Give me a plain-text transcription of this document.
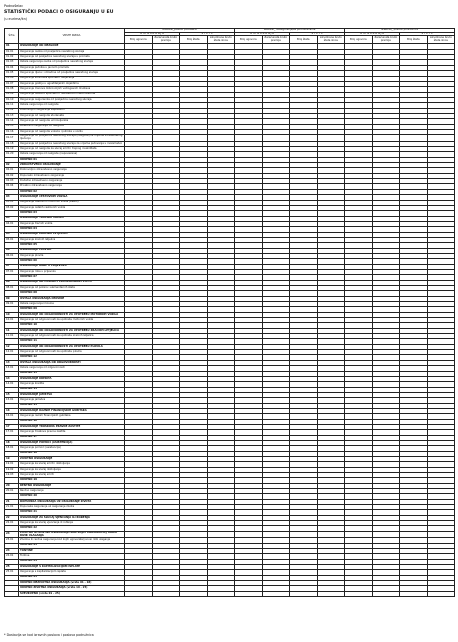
Podnošelac
STATISTIČKI PODACI O OSIGURANJU U EU
(u eurima/kn)
Šifra	VRSTE RIZIKA	IZRAVNI_poslovi poduzeća				IZRAVNI_ reosiguranje/sa podružnicama				IZRAVNI_ poslovi podružnica			
		O S I G U R A N J A		Š T E T E		O S I G U R A N J A		Š T E T E		O S I G U R A N J A		Š T E T E	
		Broj ugovora	Zaračunata bruto premija	Broj šteta	Likvidirane bruto šteta iznos	Broj ugovora	Zaračunata bruto premija	Broj šteta	Likvidirane bruto šteta iznos	Broj ugovora	Zaračunata bruto premija	Broj šteta	Likvidirane bruto šteta iznos
01	OSIGURANJE OD NEZGODE												
01.01	Osiguranje osoba od posljedica nesretnog slučaja												
01.02	Osiguranje od posljedica nesretnog slučaja u prometu												
01.03	Ostala osiguranja osoba od posljedica nesretnog slučaja												
01.04	Osiguranje putnika u javnom prometu												
01.05	Osiguranje djece i omladine od posljedica nesretnog slučaja												
01.06	Osiguranje sudionika sportskih natjecanja												
01.07	Osiguranje gostiju u ugostiteljskim objektima												
01.08	Osiguranje članova dobrovoljnih vatrogasnih društava												
01.09	Osiguranje osoba u športskim i rekreativnim aktivnostima												
01.10	Osiguranje osiguranika od posljedica nesretnog slučaja												
01.11	Ostala osiguranja od nezgode												
01.12	Dobrovoljno osiguranje zaposlenih												
01.13	Osiguranje od nezgode studenata												
01.14	Osiguranje od nezgode umirovljenika												
01.15	Kolektivno osiguranje od nezgode												
01.16	Osiguranje od nezgode vozača i putnika u vozilu												
01.17	Osiguranje od posljedica nesretnog slučaja (nezgode) za vrijeme zdravstvenog liječenja												
01.18	Osiguranje od posljedica nesretnog slučaja za vrijeme putovanja u inozemstvo												
01.19	Osiguranje od nezgode za slučaj smrti i trajnog invaliditeta												
01.20	Ostala osiguranja od nezgode (nepovezana)												
	UKUPNO 01												
02	ZDRAVSTVENO OSIGURANJE												
02.01	Dobrovoljno zdravstveno osiguranje												
02.02	Dopunsko zdravstveno osiguranje												
02.03	Dodatno zdravstveno osiguranje												
02.04	Privatno zdravstveno osiguranje												
	UKUPNO 02												
03	OSIGURANJE CESTOVNIH VOZILA												
03.01	Osiguranje cestovnih motornih vozila (kasko)												
03.02	Osiguranje ostalih cestovnih vozila												
	UKUPNO 03												
04	OSIGURANJE TRAČNIH VOZILA												
04.01	Osiguranje tračnih vozila												
	UKUPNO 04												
05	OSIGURANJE ZRAČNIH LETJELICA												
05.01	Osiguranje zračnih letjelica												
	UKUPNO 05												
06	OSIGURANJE PLOVILA												
06.01	Osiguranje plovila												
	UKUPNO 06												
07	OSIGURANJE ROBE U PRIJEVOZU												
07.01	Osiguranje robe u prijevozu												
	UKUPNO 07												
08	OSIGURANJE OD POŽARA I ELEMENTARNIH ŠTETA												
08.01	Osiguranje od požara i elementarnih šteta												
	UKUPNO 08												
09	OSTALA OSIGURANJA IMOVINE												
09.01	Ostala osiguranja imovine												
	UKUPNO 09												
10	OSIGURANJE OD ODGOVORNOSTI ZA UPOTREBU MOTORNIH VOZILA												
10.01	Osiguranje od odgovornosti za upotrebu motornih vozila												
	UKUPNO 10												
11	OSIGURANJE OD ODGOVORNOSTI ZA UPOTREBU ZRAČNIH LETJELICA												
11.01	Osiguranje od odgovornosti za upotrebu zračnih letjelica												
	UKUPNO 11												
12	OSIGURANJE OD ODGOVORNOSTI ZA UPOTREBU PLOVILA												
12.01	Osiguranje od odgovornosti za upotrebu plovila												
	UKUPNO 12												
13	OSTALA OSIGURANJA OD ODGOVORNOSTI												
13.01	Ostala osiguranja od odgovornosti												
	UKUPNO 13												
14	OSIGURANJE KREDITA												
14.01	Osiguranje kredita												
	UKUPNO 14												
15	OSIGURANJE JAMSTVA												
15.01	Osiguranje jamstva												
	UKUPNO 15												
16	OSIGURANJE RAZNIH FINANCIJSKIH GUBITAKA												
16.01	Osiguranje raznih financijskih gubitaka												
	UKUPNO 16												
17	OSIGURANJE TROŠKOVA PRAVNE ZAŠTITE												
17.01	Osiguranje troškova pravne zaštite												
	UKUPNO 17												
18	OSIGURANJE POMOĆI (ASISTENCIJA)												
18.01	Osiguranje pomoći (asistencija)												
	UKUPNO 18												
19	ŽIVOTNO OSIGURANJE												
19.01	Osiguranje za slučaj smrti i doživljenja												
19.02	Osiguranje za slučaj doživljenja												
19.03	Osiguranje za slučaj smrti												
	UKUPNO 19												
20	RENTNO OSIGURANJE												
20.01	Rentno osiguranje												
	UKUPNO 20												
21	DOPUNSKA OSIGURANJA UZ OSIGURANJE ŽIVOTA												
21.01	Dopunska osiguranja uz osiguranje života												
	UKUPNO 21												
22	OSIGURANJE ZA SLUČAJ VJENČANJA ILI ROĐENJA												
22.01	Osiguranje za slučaj vjenčanja ili rođenja												
	UKUPNO 22												
23	ŽIVOTNA ILI RENTNA OSIGURANJA KOD KOJIH UGOVARATELJ SNOSI RIZIK ULAGANJA												
23.01	Životna ili rentna osiguranja kod kojih ugovaratelj snosi rizik ulaganja												
	UKUPNO 23												
24	TONTINE												
24.01	Tontine												
	UKUPNO 24												
25	OSIGURANJE S KAPITALIZACIJOM ISPLATE												
25.01	Osiguranje s kapitalizacijom isplate												
	UKUPNO 25												
	UKUPNO NEŽIVOTNA OSIGURANJA (vrste 01 - 18)												
	UKUPNO ŽIVOTNA OSIGURANJA (vrste 19 - 25)												
	SVEUKUPNO (vrste 01 - 25)												
* Dostavlja se kod izravnih poslova i poslova podružnica
